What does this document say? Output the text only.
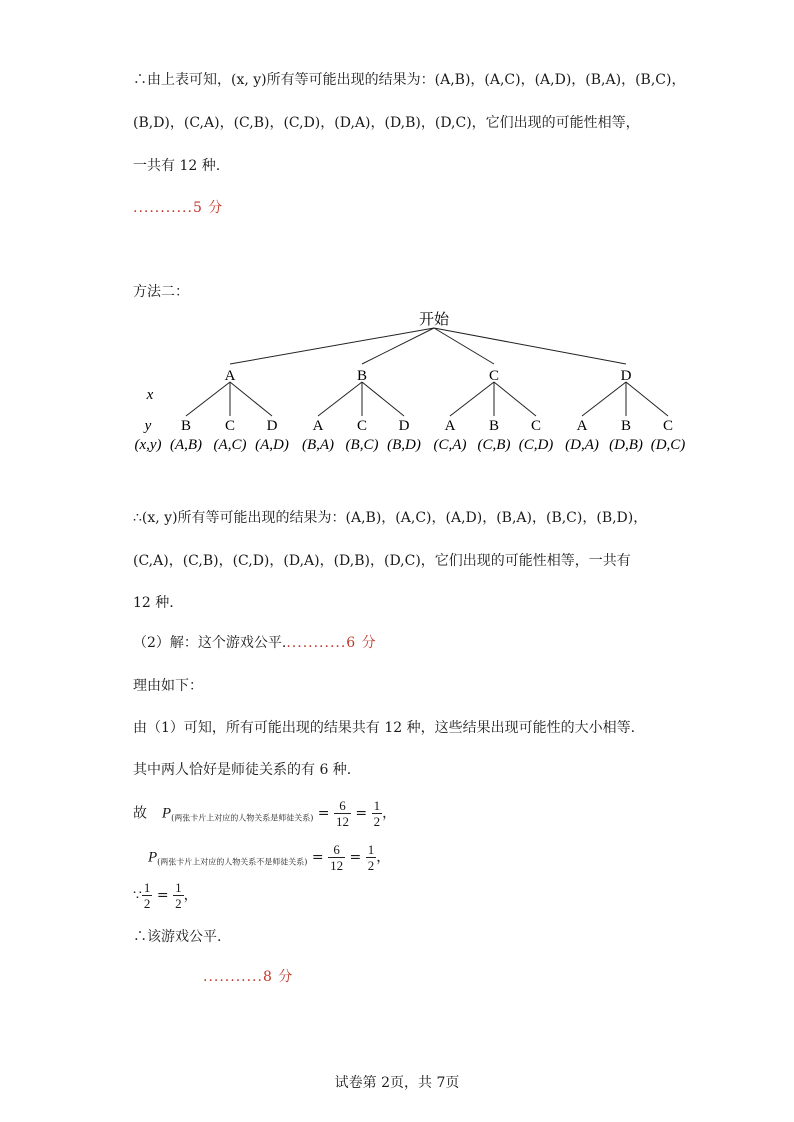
∴由上表可知，(x, y)所有等可能出现的结果为：(A,B)，(A,C)，(A,D)，(B,A)，(B,C)，
(B,D)，(C,A)，(C,B)，(C,D)，(D,A)，(D,B)，(D,C)，它们出现的可能性相等，
一共有 12 种.
...........5 分
方法二：
开始
x
y
(x,y)
A	B	C	D
B C D A C D A B C A B C
(A,B) (A,C) (A,D) (B,A) (B,C) (B,D) (C,A) (C,B) (C,D) (D,A) (D,B) (D,C)
∴(x, y)所有等可能出现的结果为：(A,B)，(A,C)，(A,D)，(B,A)，(B,C)，(B,D)，
(C,A)，(C,B)，(C,D)，(D,A)，(D,B)，(D,C)，它们出现的可能性相等，一共有
12 种.
（2）解：这个游戏公平............6 分
理由如下：
由（1）可知，所有可能出现的结果共有 12 种，这些结果出现可能性的大小相等.
其中两人恰好是师徒关系的有 6 种.
故 $P_{(两张卡片上对应的人物关系是师徒关系)} = \frac{6}{12} = \frac{1}{2}$ ，
$P_{(两张卡片上对应的人物关系不是师徒关系)} = \frac{6}{12} = \frac{1}{2}$ ，
∵ $\frac{1}{2} = \frac{1}{2}$ ，
∴该游戏公平.
...........8 分
试卷第 2页，共 7页
